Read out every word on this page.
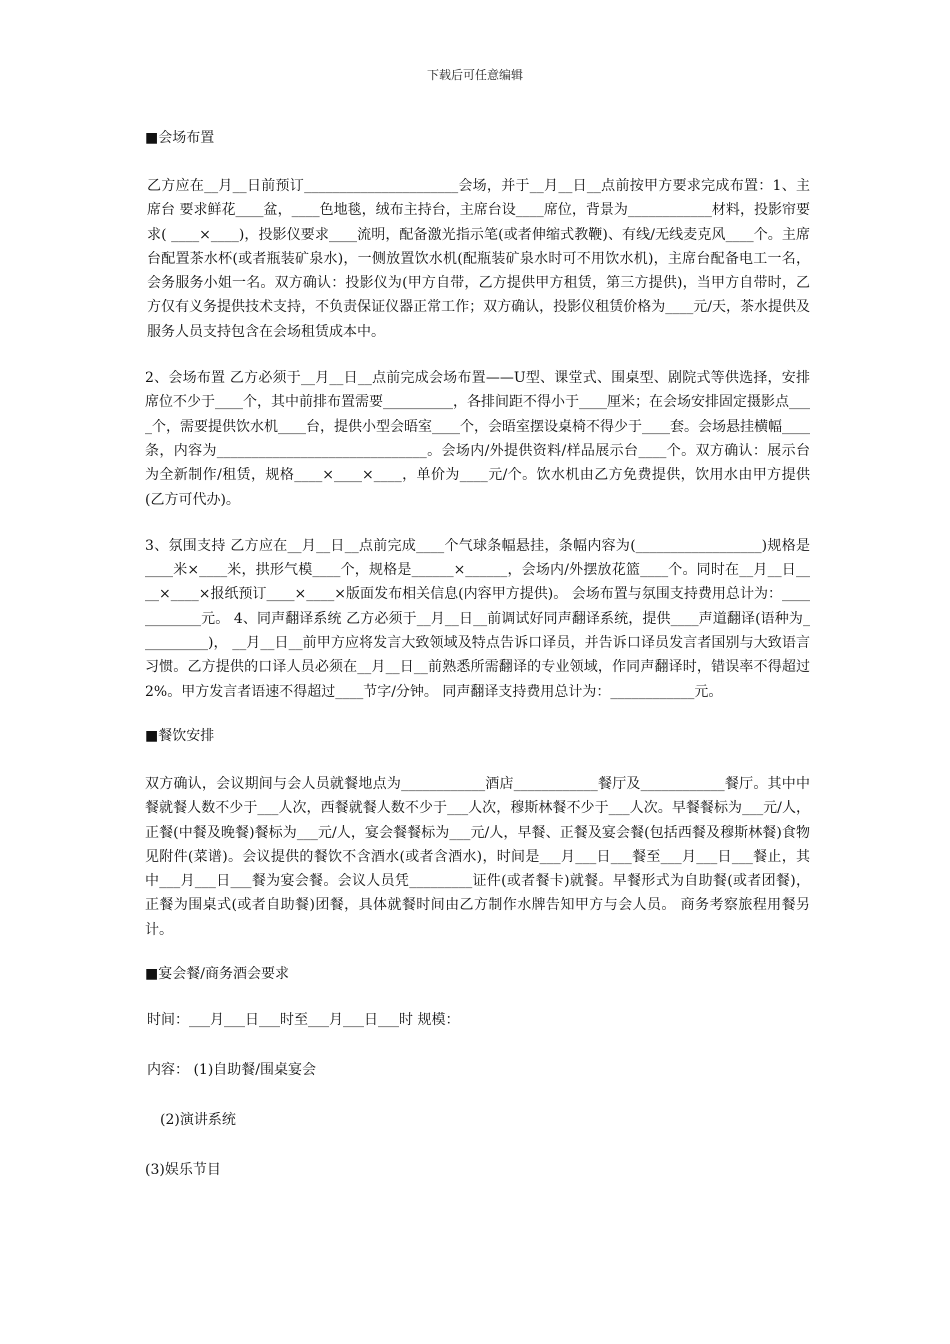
下载后可任意编辑
■会场布置

乙方应在__月__日前预订______________________会场，并于__月__日__点前按甲方要求完成布置：1、主席台 要求鲜花____盆，____色地毯，绒布主持台，主席台设____席位，背景为____________材料，投影帘要求( ____×____)，投影仪要求____流明，配备激光指示笔(或者伸缩式教鞭)、有线/无线麦克风____个。主席台配置茶水杯(或者瓶装矿泉水)，一侧放置饮水机(配瓶装矿泉水时可不用饮水机)，主席台配备电工一名，会务服务小姐一名。双方确认：投影仪为(甲方自带，乙方提供甲方租赁，第三方提供)，当甲方自带时，乙方仅有义务提供技术支持，不负责保证仪器正常工作；双方确认，投影仪租赁价格为____元/天，茶水提供及服务人员支持包含在会场租赁成本中。

2、会场布置 乙方必须于__月__日__点前完成会场布置——U型、课堂式、围桌型、剧院式等供选择，安排席位不少于____个，其中前排布置需要__________，各排间距不得小于____厘米；在会场安排固定摄影点____个，需要提供饮水机____台，提供小型会晤室____个，会晤室摆设桌椅不得少于____套。会场悬挂横幅____条，内容为______________________________。会场内/外提供资料/样品展示台____个。双方确认：展示台为全新制作/租赁，规格____×____×____，单价为____元/个。饮水机由乙方免费提供，饮用水由甲方提供(乙方可代办)。

3、氛围支持 乙方应在__月__日__点前完成____个气球条幅悬挂，条幅内容为(__________________)规格是 ____米×____米，拱形气模____个，规格是______×______，会场内/外摆放花篮____个。同时在__月__日____×____×报纸预订____×____×版面发布相关信息(内容甲方提供)。 会场布置与氛围支持费用总计为：____________元。 4、同声翻译系统 乙方必须于__月__日__前调试好同声翻译系统，提供____声道翻译(语种为__________)， __月__日__前甲方应将发言大致领域及特点告诉口译员，并告诉口译员发言者国别与大致语言习惯。乙方提供的口译人员必须在__月__日__前熟悉所需翻译的专业领域，作同声翻译时，错误率不得超过 2%。甲方发言者语速不得超过____节字/分钟。 同声翻译支持费用总计为：____________元。

■餐饮安排

双方确认，会议期间与会人员就餐地点为____________酒店____________餐厅及____________餐厅。其中中餐就餐人数不少于___人次，西餐就餐人数不少于___人次，穆斯林餐不少于___人次。早餐餐标为___元/人，正餐(中餐及晚餐)餐标为___元/人，宴会餐餐标为___元/人，早餐、正餐及宴会餐(包括西餐及穆斯林餐)食物见附件(菜谱)。会议提供的餐饮不含酒水(或者含酒水)，时间是___月___日___餐至___月___日___餐止，其中___月___日___餐为宴会餐。会议人员凭_________证件(或者餐卡)就餐。早餐形式为自助餐(或者团餐)，正餐为围桌式(或者自助餐)团餐，具体就餐时间由乙方制作水牌告知甲方与会人员。 商务考察旅程用餐另计。

■宴会餐/商务酒会要求
时间：___月___日___时至___月___日___时 规模：
内容： (1)自助餐/围桌宴会
(2)演讲系统
(3)娱乐节目
